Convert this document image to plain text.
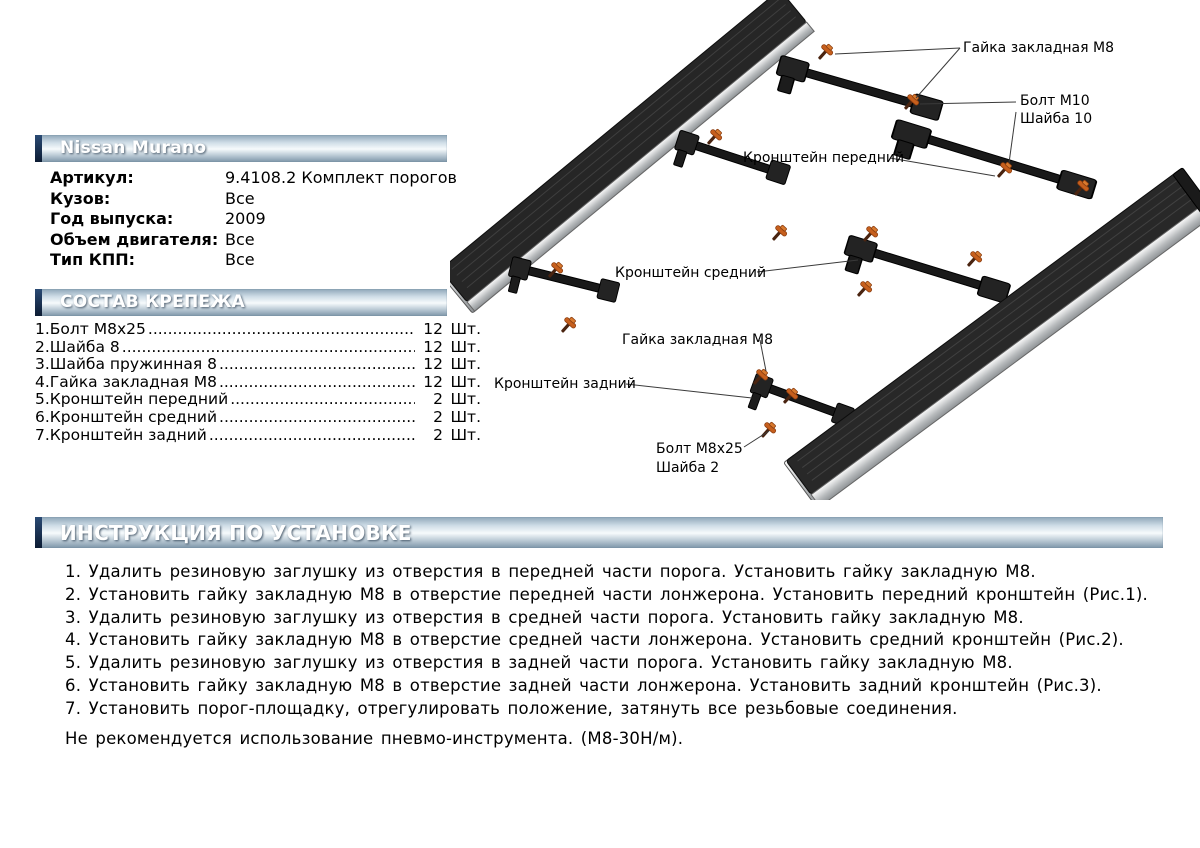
Nissan Murano
Артикул:	9.4108.2 Комплект порогов
Кузов:	Все
Год выпуска:	2009
Объем двигателя: Все
Тип КПП:	Все
СОСТАВ КРЕПЕЖА
1.Болт М8х25 .....	12 Шт.
2.Шайба 8 .....	12 Шт.
3.Шайба пружинная 8 .....	12 Шт.
4.Гайка закладная М8 .....	12 Шт.
5.Кронштейн передний .....	2 Шт.
6.Кронштейн средний .....	2 Шт.
7.Кронштейн задний .....	2 Шт.
Гайка закладная М8
Болт М10
Шайба 10
Кронштейн передний
Кронштейн средний
Гайка закладная М8
Кронштейн задний
Болт М8х25
Шайба 2
ИНСТРУКЦИЯ ПО УСТАНОВКЕ
1. Удалить резиновую заглушку из отверстия в передней части порога. Установить гайку закладную М8.
2. Установить гайку закладную М8 в отверстие передней части лонжерона. Установить передний кронштейн (Рис.1).
3. Удалить резиновую заглушку из отверстия в средней части порога. Установить гайку закладную М8.
4. Установить гайку закладную М8 в отверстие средней части лонжерона. Установить средний кронштейн (Рис.2).
5. Удалить резиновую заглушку из отверстия в задней части порога. Установить гайку закладную М8.
6. Установить гайку закладную М8 в отверстие задней части лонжерона. Установить задний кронштейн (Рис.3).
7. Установить порог-площадку, отрегулировать положение, затянуть все резьбовые соединения.
Не рекомендуется использование пневмо-инструмента. (М8-30Н/м).
